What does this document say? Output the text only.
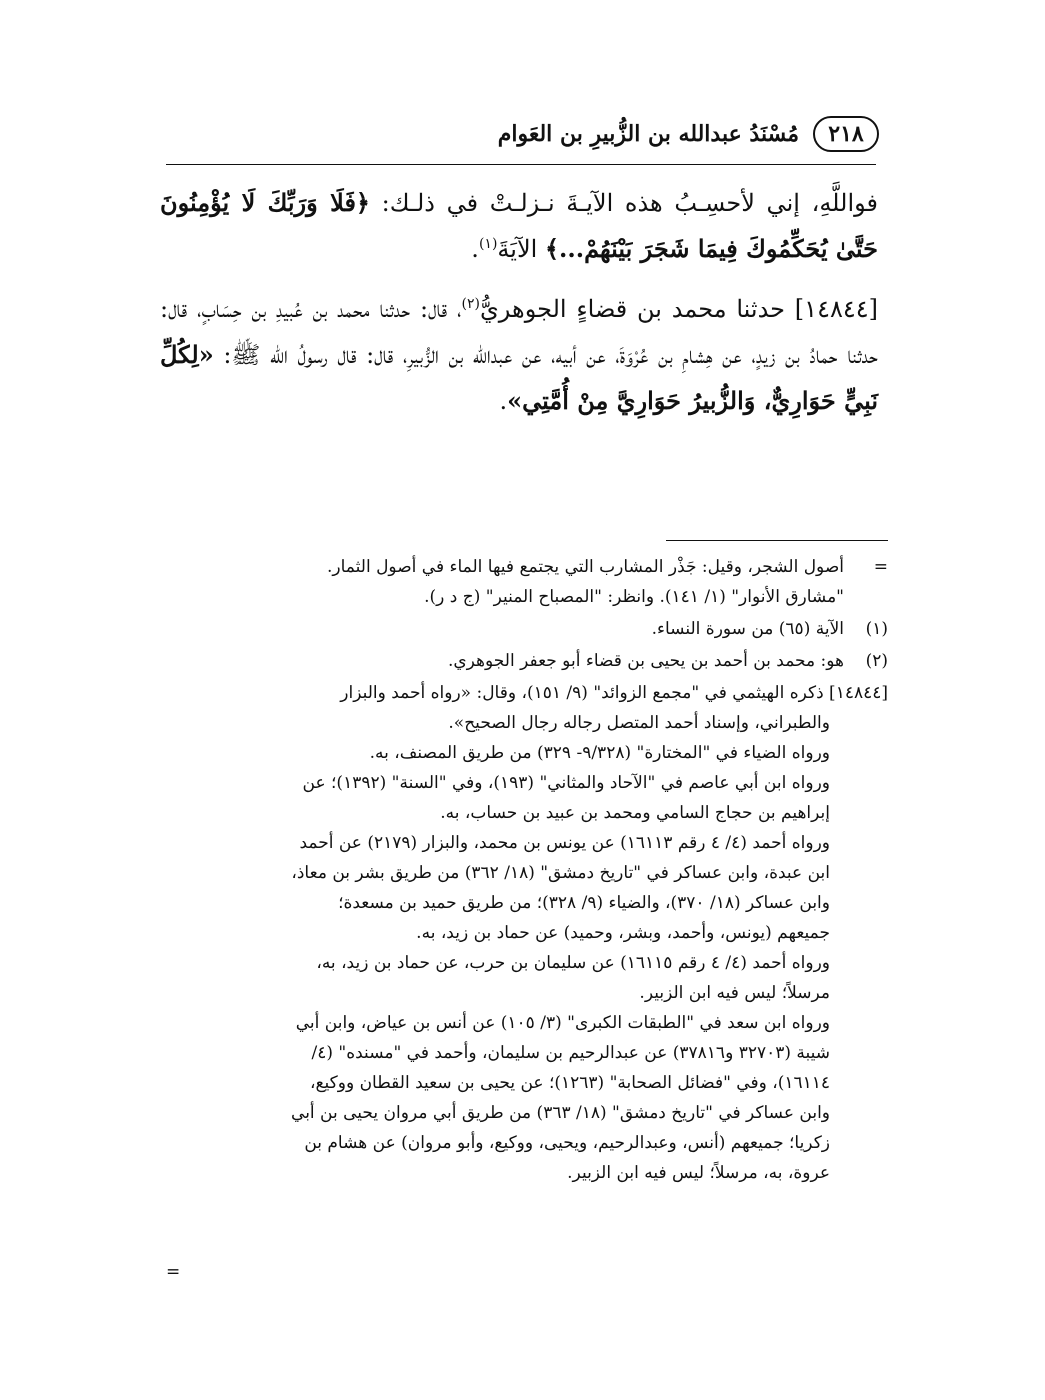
٢١٨
مُسْنَدُ عبدالله بن الزُّبيرِ بن العَوام

فواللَّهِ، إني لأحسِـبُ هذه الآيـةَ نـزلـتْ في ذلـك: ﴿فَلَا وَرَبِّكَ لَا يُؤْمِنُونَ حَتَّىٰ يُحَكِّمُوكَ فِيمَا شَجَرَ بَيْنَهُمْ...﴾ الآيَةَ$^{(١)}$.

[١٤٨٤٤] حدثنا محمد بن قضاءٍ الجوهريُّ$^{(٢)}$، قال: حدثنا محمد بن عُبيدِ بن حِسَابٍ، قال: حدثنا حمادُ بن زيدٍ، عن هِشامِ بن عُرْوَةَ، عن أبيه، عن عبدالله بن الزُّبيرِ، قال: قال رسولُ الله ﷺ: «لِكُلِّ نَبِيٍّ حَوَارِيٌّ، وَالزُّبيرُ حَوَارِيَّ مِنْ أُمَّتِي».

=
أصول الشجر، وقيل: جَذْر المشارب التي يجتمع فيها الماء في أصول الثمار.
"مشارق الأنوار" (١/ ١٤١). وانظر: "المصباح المنير" (ج د ر).
(١)
الآية (٦٥) من سورة النساء.
(٢)
هو: محمد بن أحمد بن يحيى بن قضاء أبو جعفر الجوهري.
[١٤٨٤٤] ذكره الهيثمي في "مجمع الزوائد" (٩/ ١٥١)، وقال: «رواه أحمد والبزار
والطبراني، وإسناد أحمد المتصل رجاله رجال الصحيح».
ورواه الضياء في "المختارة" (٩/٣٢٨- ٣٢٩) من طريق المصنف، به.
ورواه ابن أبي عاصم في "الآحاد والمثاني" (١٩٣)، وفي "السنة" (١٣٩٢)؛ عن
إبراهيم بن حجاج السامي ومحمد بن عبيد بن حساب، به.
ورواه أحمد (٤/ ٤ رقم ١٦١١٣) عن يونس بن محمد، والبزار (٢١٧٩) عن أحمد
ابن عبدة، وابن عساكر في "تاريخ دمشق" (١٨/ ٣٦٢) من طريق بشر بن معاذ،
وابن عساكر (١٨/ ٣٧٠)، والضياء (٩/ ٣٢٨)؛ من طريق حميد بن مسعدة؛
جميعهم (يونس، وأحمد، وبشر، وحميد) عن حماد بن زيد، به.
ورواه أحمد (٤/ ٤ رقم ١٦١١٥) عن سليمان بن حرب، عن حماد بن زيد، به،
مرسلاً؛ ليس فيه ابن الزبير.
ورواه ابن سعد في "الطبقات الكبرى" (٣/ ١٠٥) عن أنس بن عياض، وابن أبي
شيبة (٣٢٧٠٣ و٣٧٨١٦) عن عبدالرحيم بن سليمان، وأحمد في "مسنده" (٤/
١٦١١٤)، وفي "فضائل الصحابة" (١٢٦٣)؛ عن يحيى بن سعيد القطان ووكيع،
وابن عساكر في "تاريخ دمشق" (١٨/ ٣٦٣) من طريق أبي مروان يحيى بن أبي
زكريا؛ جميعهم (أنس، وعبدالرحيم، ويحيى، ووكيع، وأبو مروان) عن هشام بن
عروة، به، مرسلاً؛ ليس فيه ابن الزبير.
=
